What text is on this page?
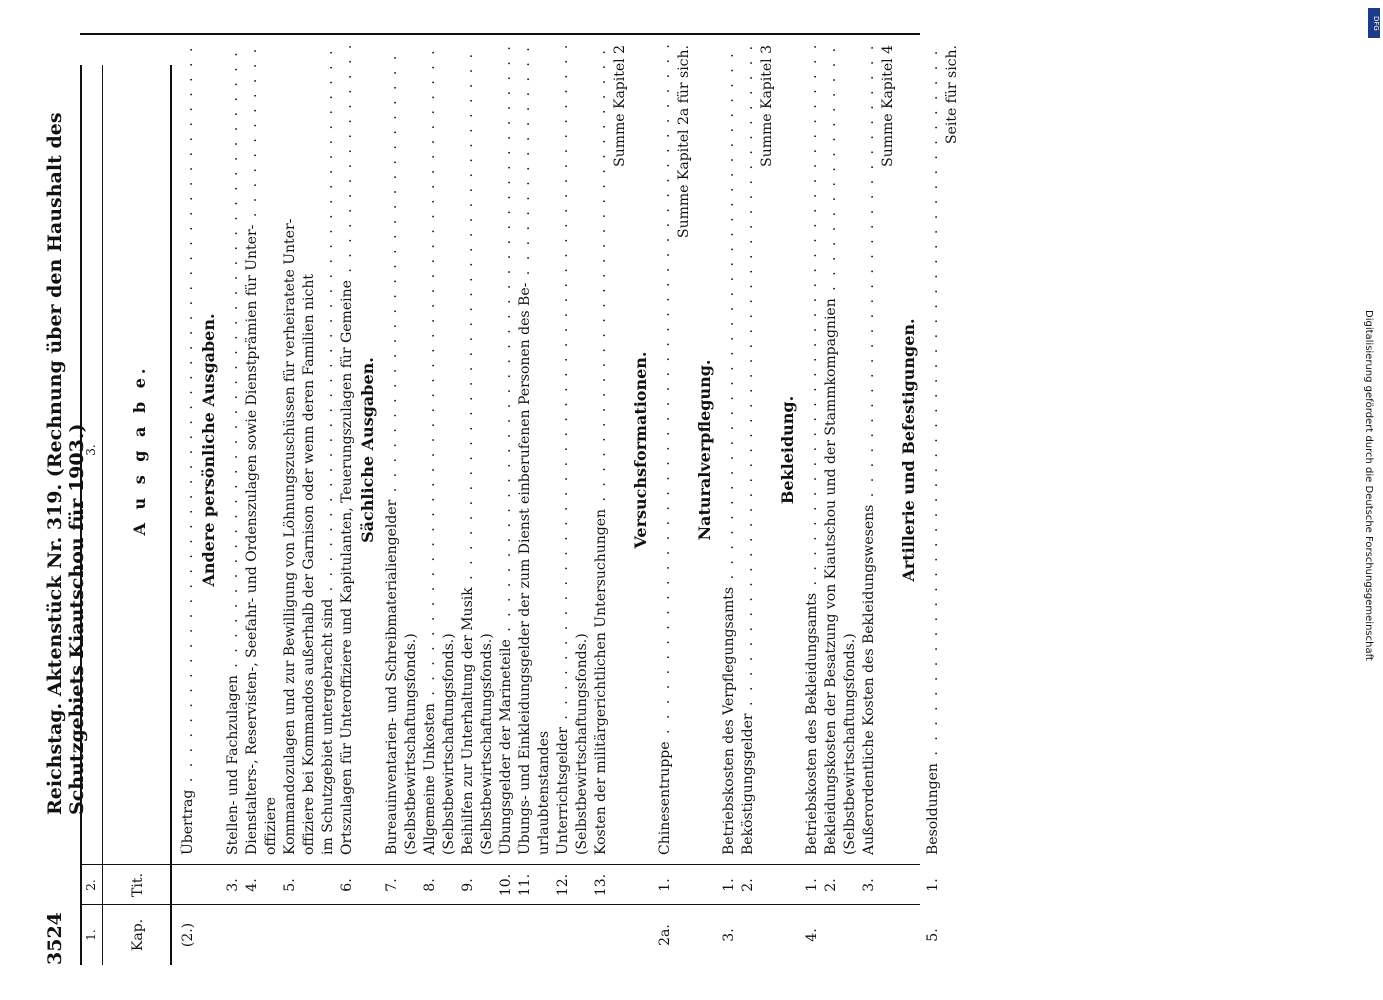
3524
Reichstag. Aktenstück Nr. 319. (Rechnung über den Haushalt des Schutzgebiets Kiautschou für 1903.)
1.
2.
3.
Kap.
Tit.
A u s g a b e.
(2.)
Übertrag . . .
Andere persönliche Ausgaben.
3.
Stellen- und Fachzulagen . . .
4.
Dienstalters-, Reservisten-, Seefahr- und Ordenszulagen sowie Dienstprämien für Unter- . . . offiziere
5.
Kommandozulagen und zur Bewilligung von Löhnungszuschüssen für verheiratete Unter- offiziere bei Kommandos außerhalb der Garnison oder wenn deren Familien nicht im Schutzgebiet untergebracht sind . . .
6.
Ortszulagen für Unteroffiziere und Kapitulanten, Teuerungszulagen für Gemeine . . . Sächliche Ausgaben.
7.
Bureauinventarien- und Schreibmaterialiengelder . . . (Selbstbewirtschaftungsfonds.)
8.
Allgemeine Unkosten . . . (Selbstbewirtschaftungsfonds.)
9.
Beihilfen zur Unterhaltung der Musik . . . (Selbstbewirtschaftungsfonds.)
10.
Übungsgelder der Marineteile . . .
11.
Übungs- und Einkleidungsgelder der zum Dienst einberufenen Personen des Be- . . . urlaubtenstandes
12.
Unterrichtsgelder . . . (Selbstbewirtschaftungsfonds.)
13.
Kosten der militärgerichtlichen Untersuchungen . . .
Summe Kapitel 2
Versuchsformationen.
2a.
1.
Chinesentruppe . . .
Summe Kapitel 2a für sich.
Naturalverpflegung.
3.
1.
Betriebskosten des Verpflegungsamts . . .
2.
Beköstigungsgelder . . .
Summe Kapitel 3
Bekleidung.
4.
1.
Betriebskosten des Bekleidungsamts . . .
2.
Bekleidungskosten der Besatzung von Kiautschou und der Stammkompagnien . . . (Selbstbewirtschaftungsfonds.)
3.
Außerordentliche Kosten des Bekleidungswesens . . .
Summe Kapitel 4
Artillerie und Befestigungen.
5.
1.
Besoldungen . . .
Seite für sich.
DFG
Digitalisierung gefördert durch die Deutsche Forschungsgemeinschaft
